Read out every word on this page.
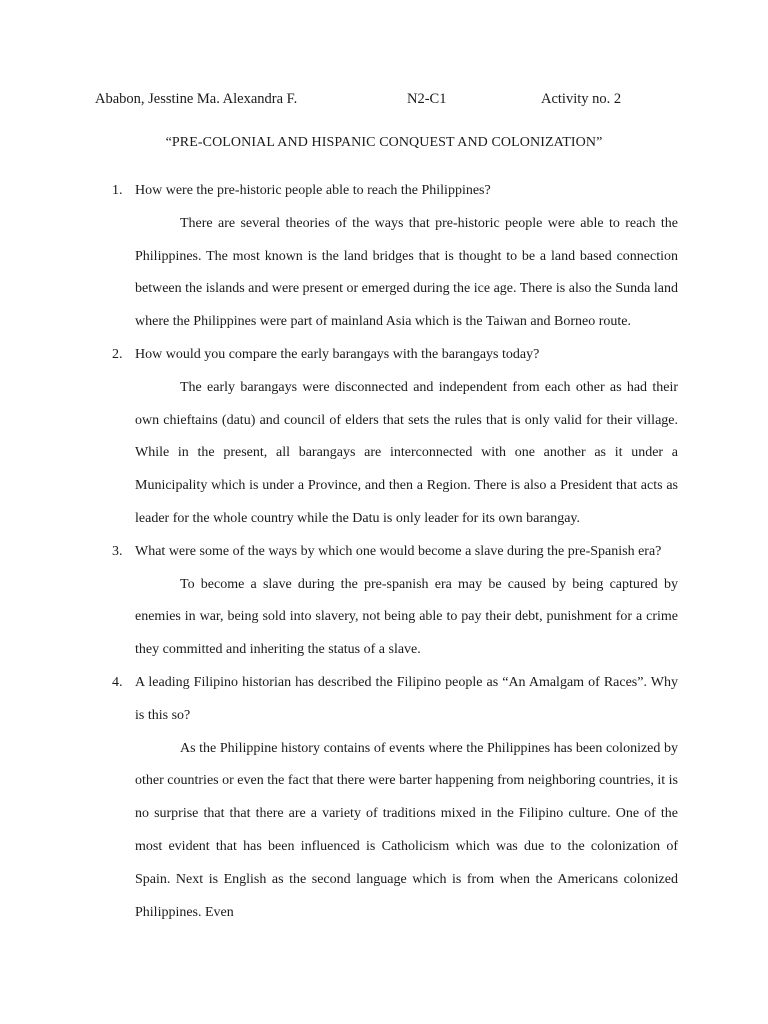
Ababon, Jesstine Ma. Alexandra F.	N2-C1	Activity no. 2
“PRE-COLONIAL AND HISPANIC CONQUEST AND COLONIZATION”
1. How were the pre-historic people able to reach the Philippines?

There are several theories of the ways that pre-historic people were able to reach the Philippines. The most known is the land bridges that is thought to be a land based connection between the islands and were present or emerged during the ice age. There is also the Sunda land where the Philippines were part of mainland Asia which is the Taiwan and Borneo route.

2. How would you compare the early barangays with the barangays today?

The early barangays were disconnected and independent from each other as had their own chieftains (datu) and council of elders that sets the rules that is only valid for their village. While in the present, all barangays are interconnected with one another as it under a Municipality which is under a Province, and then a Region. There is also a President that acts as leader for the whole country while the Datu is only leader for its own barangay.

3. What were some of the ways by which one would become a slave during the pre-Spanish era?

To become a slave during the pre-spanish era may be caused by being captured by enemies in war, being sold into slavery, not being able to pay their debt, punishment for a crime they committed and inheriting the status of a slave.

4. A leading Filipino historian has described the Filipino people as “An Amalgam of Races”. Why is this so?

As the Philippine history contains of events where the Philippines has been colonized by other countries or even the fact that there were barter happening from neighboring countries, it is no surprise that that there are a variety of traditions mixed in the Filipino culture. One of the most evident that has been influenced is Catholicism which was due to the colonization of Spain. Next is English as the second language which is from when the Americans colonized Philippines. Even
